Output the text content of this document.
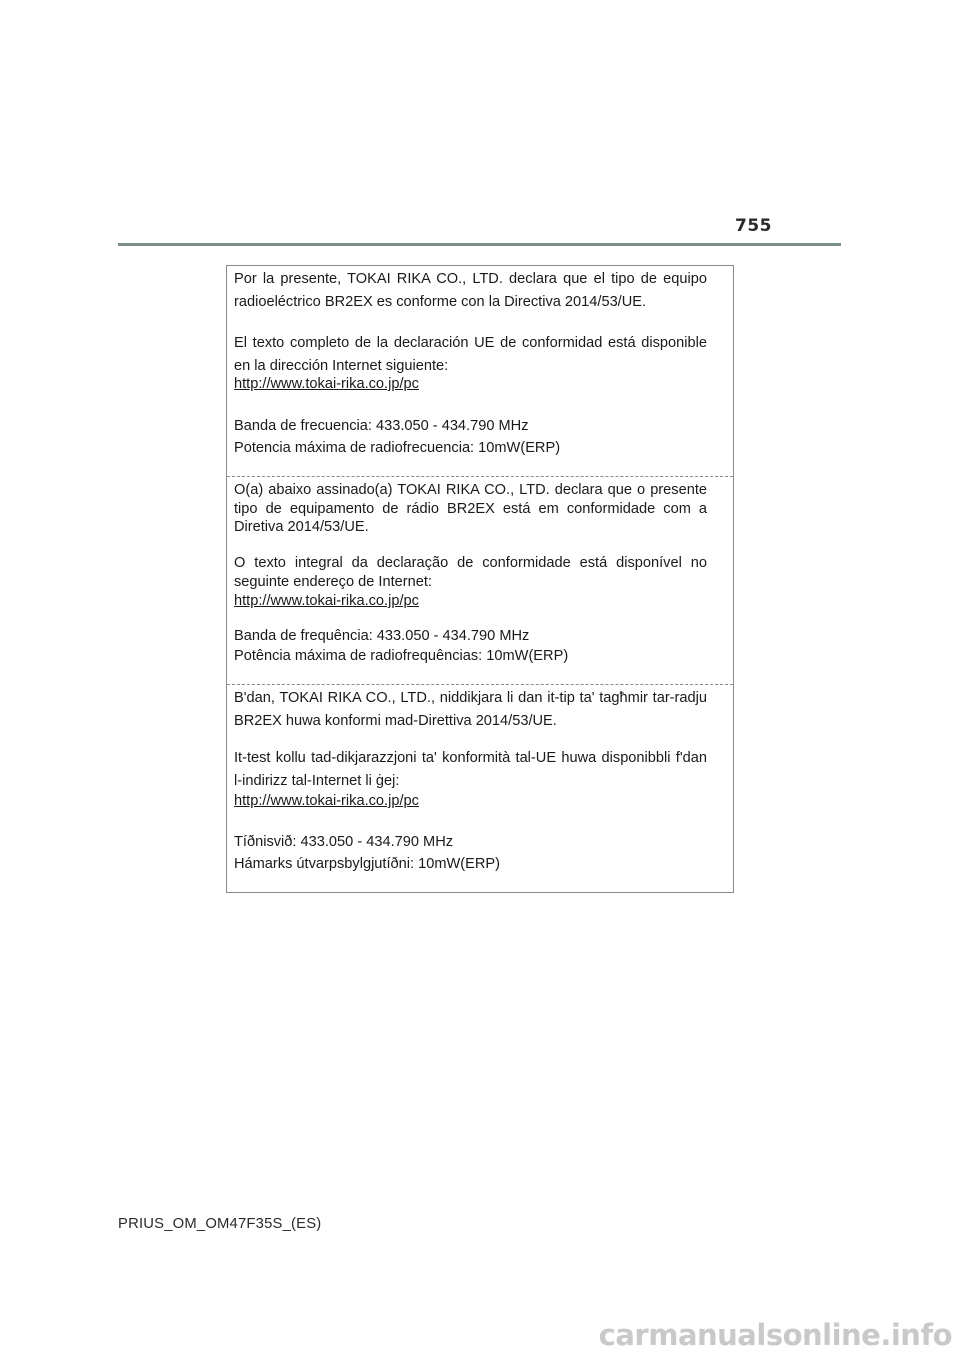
755

Por la presente, TOKAI RIKA CO., LTD. declara que el tipo de equipo radioeléctrico BR2EX es conforme con la Directiva 2014/53/UE.

El texto completo de la declaración UE de conformidad está disponible en la dirección Internet siguiente:

http://www.tokai-rika.co.jp/pc
Banda de frecuencia: 433.050 - 434.790 MHz
Potencia máxima de radiofrecuencia: 10mW(ERP)

O(a) abaixo assinado(a) TOKAI RIKA CO., LTD. declara que o presente tipo de equipamento de rádio BR2EX está em conformidade com a Diretiva 2014/53/UE.

O texto integral da declaração de conformidade está disponível no seguinte endereço de Internet:

http://www.tokai-rika.co.jp/pc
Banda de frequência: 433.050 - 434.790 MHz
Potência máxima de radiofrequências: 10mW(ERP)

B'dan, TOKAI RIKA CO., LTD., niddikjara li dan it-tip ta' tagħmir tar-radju BR2EX huwa konformi mad-Direttiva 2014/53/UE.

It-test kollu tad-dikjarazzjoni ta' konformità tal-UE huwa disponibbli f'dan l-indirizz tal-Internet li ġej:

http://www.tokai-rika.co.jp/pc
Tíðnisvið: 433.050 - 434.790 MHz
Hámarks útvarpsbylgjutíðni: 10mW(ERP)
PRIUS_OM_OM47F35S_(ES)
carmanualsonline.info
